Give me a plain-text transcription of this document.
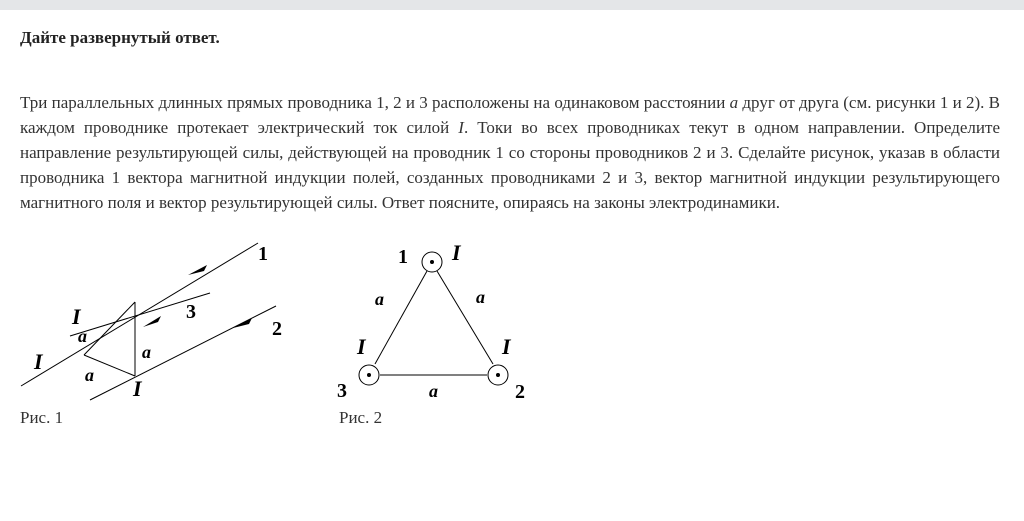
Дайте развернутый ответ.

Три параллельных длинных прямых проводника 1, 2 и 3 расположены на одинаковом расстоянии a друг от друга (см. рисунки 1 и 2). В каждом проводнике протекает электрический ток силой I. Токи во всех проводниках текут в одном направлении. Определите направление результирующей силы, действующей на проводник 1 со стороны проводников 2 и 3. Сделайте рисунок, указав в области проводника 1 вектора магнитной индукции полей, созданных проводниками 2 и 3, вектор магнитной индукции результирующего магнитного поля и вектор результирующей силы. Ответ поясните, опираясь на законы электродинамики.

1
3
2
I
I
I
a
a
a
1
2
3
I
I
I
a	a
a
Рис. 1	Рис. 2
